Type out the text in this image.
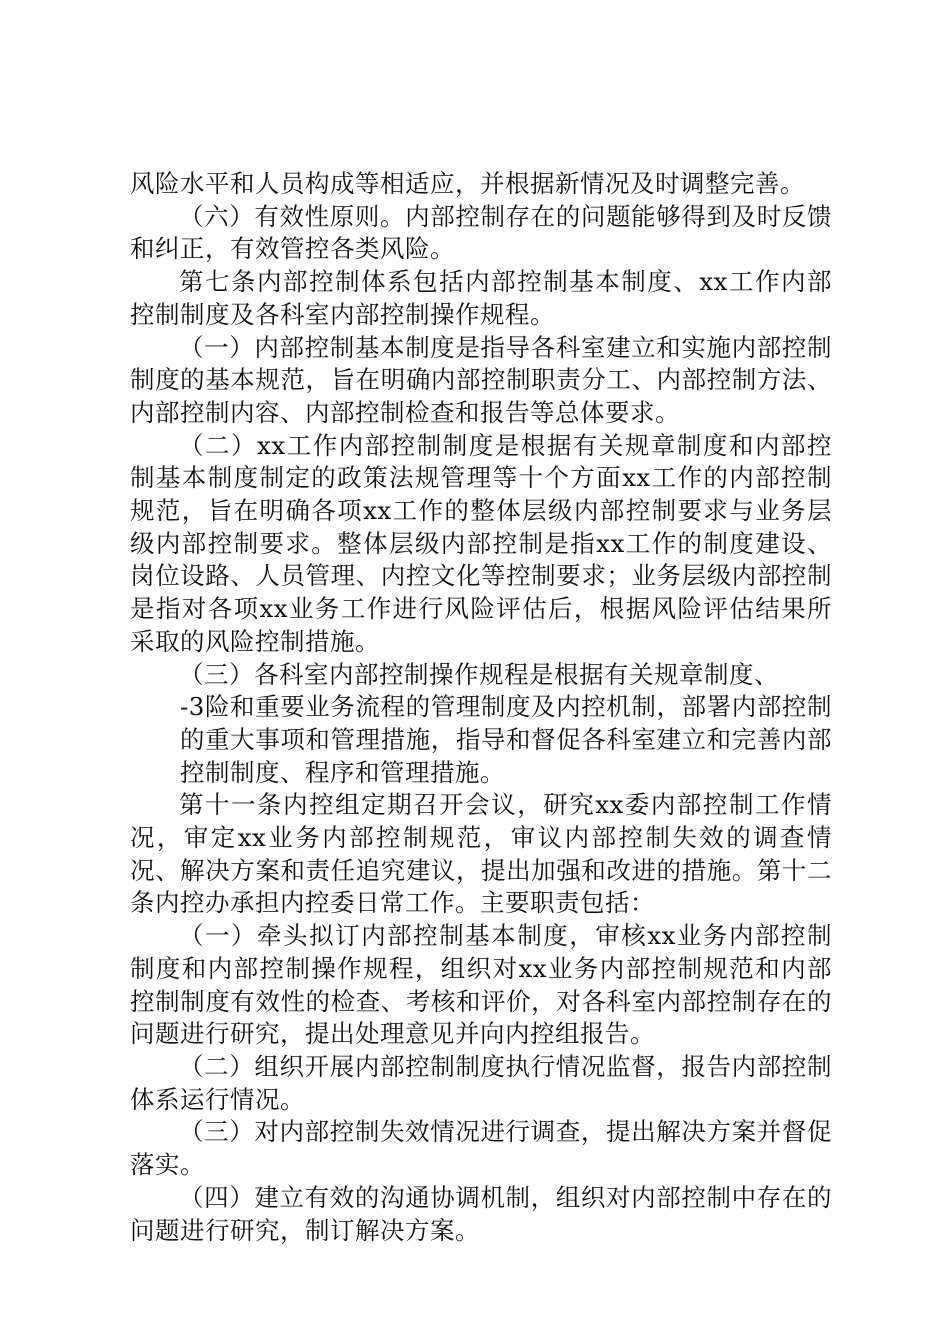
风险水平和人员构成等相适应，并根据新情况及时调整完善。

（六）有效性原则。内部控制存在的问题能够得到及时反馈和纠正，有效管控各类风险。

第七条内部控制体系包括内部控制基本制度、xx工作内部控制制度及各科室内部控制操作规程。

（一）内部控制基本制度是指导各科室建立和实施内部控制制度的基本规范，旨在明确内部控制职责分工、内部控制方法、内部控制内容、内部控制检查和报告等总体要求。

（二）xx工作内部控制制度是根据有关规章制度和内部控制基本制度制定的政策法规管理等十个方面xx工作的内部控制规范，旨在明确各项xx工作的整体层级内部控制要求与业务层级内部控制要求。整体层级内部控制是指xx工作的制度建设、岗位设路、人员管理、内控文化等控制要求；业务层级内部控制是指对各项xx业务工作进行风险评估后，根据风险评估结果所采取的风险控制措施。

（三）各科室内部控制操作规程是根据有关规章制度、

-3险和重要业务流程的管理制度及内控机制，部署内部控制的重大事项和管理措施，指导和督促各科室建立和完善内部控制制度、程序和管理措施。

第十一条内控组定期召开会议，研究xx委内部控制工作情况，审定xx业务内部控制规范，审议内部控制失效的调查情况、解决方案和责任追究建议，提出加强和改进的措施。第十二条内控办承担内控委日常工作。主要职责包括：

（一）牵头拟订内部控制基本制度，审核xx业务内部控制制度和内部控制操作规程，组织对xx业务内部控制规范和内部控制制度有效性的检查、考核和评价，对各科室内部控制存在的问题进行研究，提出处理意见并向内控组报告。

（二）组织开展内部控制制度执行情况监督，报告内部控制体系运行情况。

（三）对内部控制失效情况进行调查，提出解决方案并督促落实。

（四）建立有效的沟通协调机制，组织对内部控制中存在的问题进行研究，制订解决方案。
